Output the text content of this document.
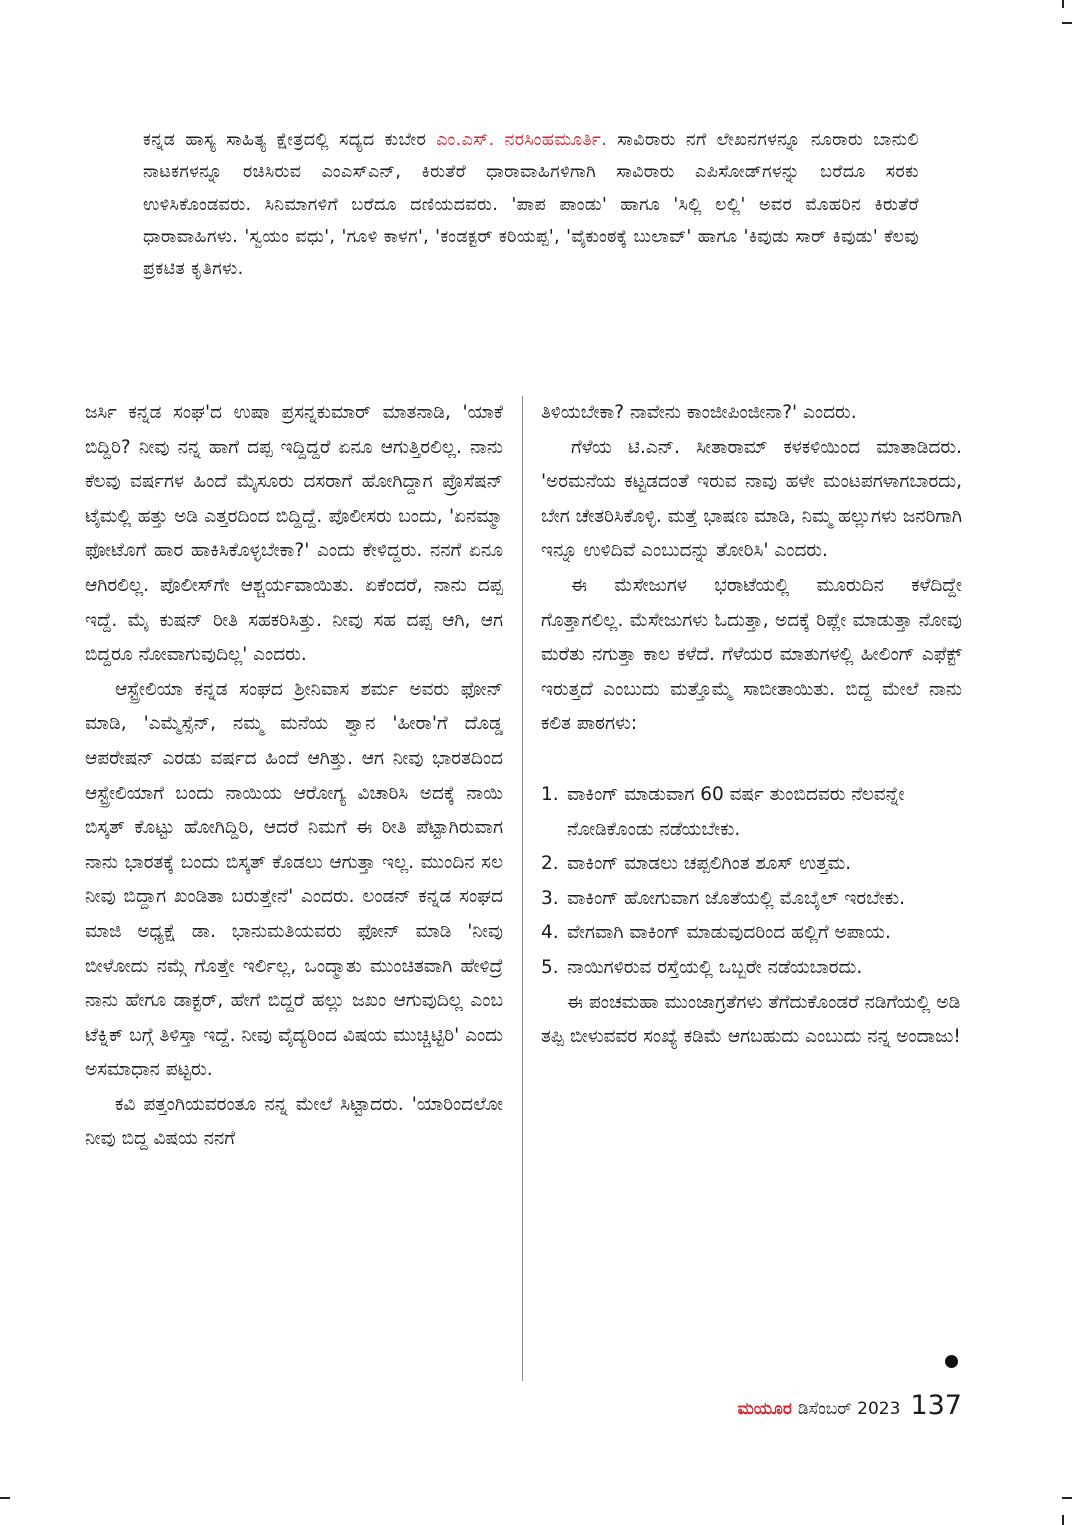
ಕನ್ನಡ ಹಾಸ್ಯ ಸಾಹಿತ್ಯ ಕ್ಷೇತ್ರದಲ್ಲಿ ಸದ್ಯದ ಕುಬೇರ ಎಂ.ಎಸ್. ನರಸಿಂಹಮೂರ್ತಿ. ಸಾವಿರಾರು ನಗೆ ಲೇಖನಗಳನ್ನೂ ನೂರಾರು ಬಾನುಲಿ ನಾಟಕಗಳನ್ನೂ ರಚಿಸಿರುವ ಎಂಎಸ್ಎನ್, ಕಿರುತೆರೆ ಧಾರಾವಾಹಿಗಳಿಗಾಗಿ ಸಾವಿರಾರು ಎಪಿಸೋಡ್‌ಗಳನ್ನು ಬರೆದೂ ಸರಕು ಉಳಿಸಿಕೊಂಡವರು. ಸಿನಿಮಾಗಳಿಗೆ ಬರೆದೂ ದಣಿಯದವರು. 'ಪಾಪ ಪಾಂಡು' ಹಾಗೂ 'ಸಿಲ್ಲಿ ಲಲ್ಲಿ' ಅವರ ಮೊಹರಿನ ಕಿರುತೆರೆ ಧಾರಾವಾಹಿಗಳು. 'ಸ್ವಯಂ ವಧು', 'ಗೂಳಿ ಕಾಳಗ', 'ಕಂಡಕ್ಟರ್ ಕರಿಯಪ್ಪ', 'ವೈಕುಂಠಕ್ಕೆ ಬುಲಾವ್' ಹಾಗೂ 'ಕಿವುಡು ಸಾರ್ ಕಿವುಡು' ಕೆಲವು ಪ್ರಕಟಿತ ಕೃತಿಗಳು.

ಜರ್ಸಿ ಕನ್ನಡ ಸಂಘ'ದ ಉಷಾ ಪ್ರಸನ್ನಕುಮಾರ್ ಮಾತನಾಡಿ, 'ಯಾಕೆ ಬಿದ್ದಿರಿ? ನೀವು ನನ್ನ ಹಾಗೆ ದಪ್ಪ ಇದ್ದಿದ್ದರೆ ಏನೂ ಆಗುತ್ತಿರಲಿಲ್ಲ. ನಾನು ಕೆಲವು ವರ್ಷಗಳ ಹಿಂದೆ ಮೈಸೂರು ದಸರಾಗೆ ಹೋಗಿದ್ದಾಗ ಪ್ರೊಸೆಷನ್ ಟೈಮಲ್ಲಿ ಹತ್ತು ಅಡಿ ಎತ್ತರದಿಂದ ಬಿದ್ದಿದ್ದೆ. ಪೊಲೀಸರು ಬಂದು, 'ಏನಮ್ಮಾ ಫೋಟೊಗೆ ಹಾರ ಹಾಕಿಸಿಕೊಳ್ಳಬೇಕಾ?' ಎಂದು ಕೇಳಿದ್ದರು. ನನಗೆ ಏನೂ ಆಗಿರಲಿಲ್ಲ. ಪೊಲೀಸ್‌ಗೇ ಆಶ್ಚರ್ಯವಾಯಿತು. ಏಕೆಂದರೆ, ನಾನು ದಪ್ಪ ಇದ್ದೆ. ಮೈ ಕುಷನ್ ರೀತಿ ಸಹಕರಿಸಿತ್ತು. ನೀವು ಸಹ ದಪ್ಪ ಆಗಿ, ಆಗ ಬಿದ್ದರೂ ನೋವಾಗುವುದಿಲ್ಲ' ಎಂದರು.

ಆಸ್ಟ್ರೇಲಿಯಾ ಕನ್ನಡ ಸಂಘದ ಶ್ರೀನಿವಾಸ ಶರ್ಮ ಅವರು ಫೋನ್ ಮಾಡಿ, 'ಎಮ್ಮೆಸ್ಸೆನ್, ನಮ್ಮ ಮನೆಯ ಶ್ವಾನ 'ಹೀರಾ'ಗೆ ದೊಡ್ಡ ಆಪರೇಷನ್ ಎರಡು ವರ್ಷದ ಹಿಂದೆ ಆಗಿತ್ತು. ಆಗ ನೀವು ಭಾರತದಿಂದ ಆಸ್ಟ್ರೇಲಿಯಾಗೆ ಬಂದು ನಾಯಿಯ ಆರೋಗ್ಯ ವಿಚಾರಿಸಿ ಅದಕ್ಕೆ ನಾಯಿ ಬಿಸ್ಕತ್ ಕೊಟ್ಟು ಹೋಗಿದ್ದಿರಿ, ಆದರೆ ನಿಮಗೆ ಈ ರೀತಿ ಪೆಟ್ಟಾಗಿರುವಾಗ ನಾನು ಭಾರತಕ್ಕೆ ಬಂದು ಬಿಸ್ಕತ್ ಕೊಡಲು ಆಗುತ್ತಾ ಇಲ್ಲ. ಮುಂದಿನ ಸಲ ನೀವು ಬಿದ್ದಾಗ ಖಂಡಿತಾ ಬರುತ್ತೇನೆ' ಎಂದರು. ಲಂಡನ್ ಕನ್ನಡ ಸಂಘದ ಮಾಜಿ ಅಧ್ಯಕ್ಷೆ ಡಾ. ಭಾನುಮತಿಯವರು ಫೋನ್ ಮಾಡಿ 'ನೀವು ಬೀಳೋದು ನಮ್ಗೆ ಗೊತ್ತೇ ಇರ್ಲಿಲ್ಲ, ಒಂದ್ಮಾತು ಮುಂಚಿತವಾಗಿ ಹೇಳಿದ್ರೆ ನಾನು ಹೇಗೂ ಡಾಕ್ಟರ್, ಹೇಗೆ ಬಿದ್ದರೆ ಹಲ್ಲು ಜಖಂ ಆಗುವುದಿಲ್ಲ ಎಂಬ ಟೆಕ್ನಿಕ್ ಬಗ್ಗೆ ತಿಳಿಸ್ತಾ ಇದ್ದೆ. ನೀವು ವೈದ್ಯರಿಂದ ವಿಷಯ ಮುಚ್ಚಿಟ್ಟಿರಿ' ಎಂದು ಅಸಮಾಧಾನ ಪಟ್ಟರು.

ಕವಿ ಪತ್ತಂಗಿಯವರಂತೂ ನನ್ನ ಮೇಲೆ ಸಿಟ್ಟಾದರು. 'ಯಾರಿಂದಲೋ ನೀವು ಬಿದ್ದ ವಿಷಯ ನನಗೆ

ತಿಳಿಯಬೇಕಾ? ನಾವೇನು ಕಾಂಜೀಪಿಂಜೀನಾ?' ಎಂದರು.

ಗೆಳೆಯ ಟಿ.ಎನ್. ಸೀತಾರಾಮ್ ಕಳಕಳಿಯಿಂದ ಮಾತಾಡಿದರು. 'ಅರಮನೆಯ ಕಟ್ಟಡದಂತೆ ಇರುವ ನಾವು ಹಳೇ ಮಂಟಪಗಳಾಗಬಾರದು, ಬೇಗ ಚೇತರಿಸಿಕೊಳ್ಳಿ. ಮತ್ತೆ ಭಾಷಣ ಮಾಡಿ, ನಿಮ್ಮ ಹಲ್ಲುಗಳು ಜನರಿಗಾಗಿ ಇನ್ನೂ ಉಳಿದಿವೆ ಎಂಬುದನ್ನು ತೋರಿಸಿ' ಎಂದರು.

ಈ ಮೆಸೇಜುಗಳ ಭರಾಟೆಯಲ್ಲಿ ಮೂರುದಿನ ಕಳೆದಿದ್ದೇ ಗೊತ್ತಾಗಲಿಲ್ಲ. ಮೆಸೇಜುಗಳು ಓದುತ್ತಾ, ಅದಕ್ಕೆ ರಿಪ್ಲೇ ಮಾಡುತ್ತಾ ನೋವು ಮರೆತು ನಗುತ್ತಾ ಕಾಲ ಕಳೆದೆ. ಗೆಳೆಯರ ಮಾತುಗಳಲ್ಲಿ ಹೀಲಿಂಗ್ ಎಫೆಕ್ಟ್ ಇರುತ್ತದೆ ಎಂಬುದು ಮತ್ತೊಮ್ಮೆ ಸಾಬೀತಾಯಿತು. ಬಿದ್ದ ಮೇಲೆ ನಾನು ಕಲಿತ ಪಾಠಗಳು:

1. ವಾಕಿಂಗ್ ಮಾಡುವಾಗ 60 ವರ್ಷ ತುಂಬಿದವರು ನೆಲವನ್ನೇ ನೋಡಿಕೊಂಡು ನಡೆಯಬೇಕು.
2. ವಾಕಿಂಗ್ ಮಾಡಲು ಚಪ್ಪಲಿಗಿಂತ ಶೂಸ್ ಉತ್ತಮ.
3. ವಾಕಿಂಗ್ ಹೋಗುವಾಗ ಜೊತೆಯಲ್ಲಿ ಮೊಬೈಲ್ ಇರಬೇಕು.
4. ವೇಗವಾಗಿ ವಾಕಿಂಗ್ ಮಾಡುವುದರಿಂದ ಹಲ್ಲಿಗೆ ಅಪಾಯ.
5. ನಾಯಿಗಳಿರುವ ರಸ್ತೆಯಲ್ಲಿ ಒಬ್ಬರೇ ನಡೆಯಬಾರದು.

ಈ ಪಂಚಮಹಾ ಮುಂಜಾಗ್ರತೆಗಳು ತೆಗೆದುಕೊಂಡರೆ ನಡಿಗೆಯಲ್ಲಿ ಅಡಿ ತಪ್ಪಿ ಬೀಳುವವರ ಸಂಖ್ಯೆ ಕಡಿಮೆ ಆಗಬಹುದು ಎಂಬುದು ನನ್ನ ಅಂದಾಜು!

ಮಯೂರ ಡಿಸೆಂಬರ್ 2023 137
